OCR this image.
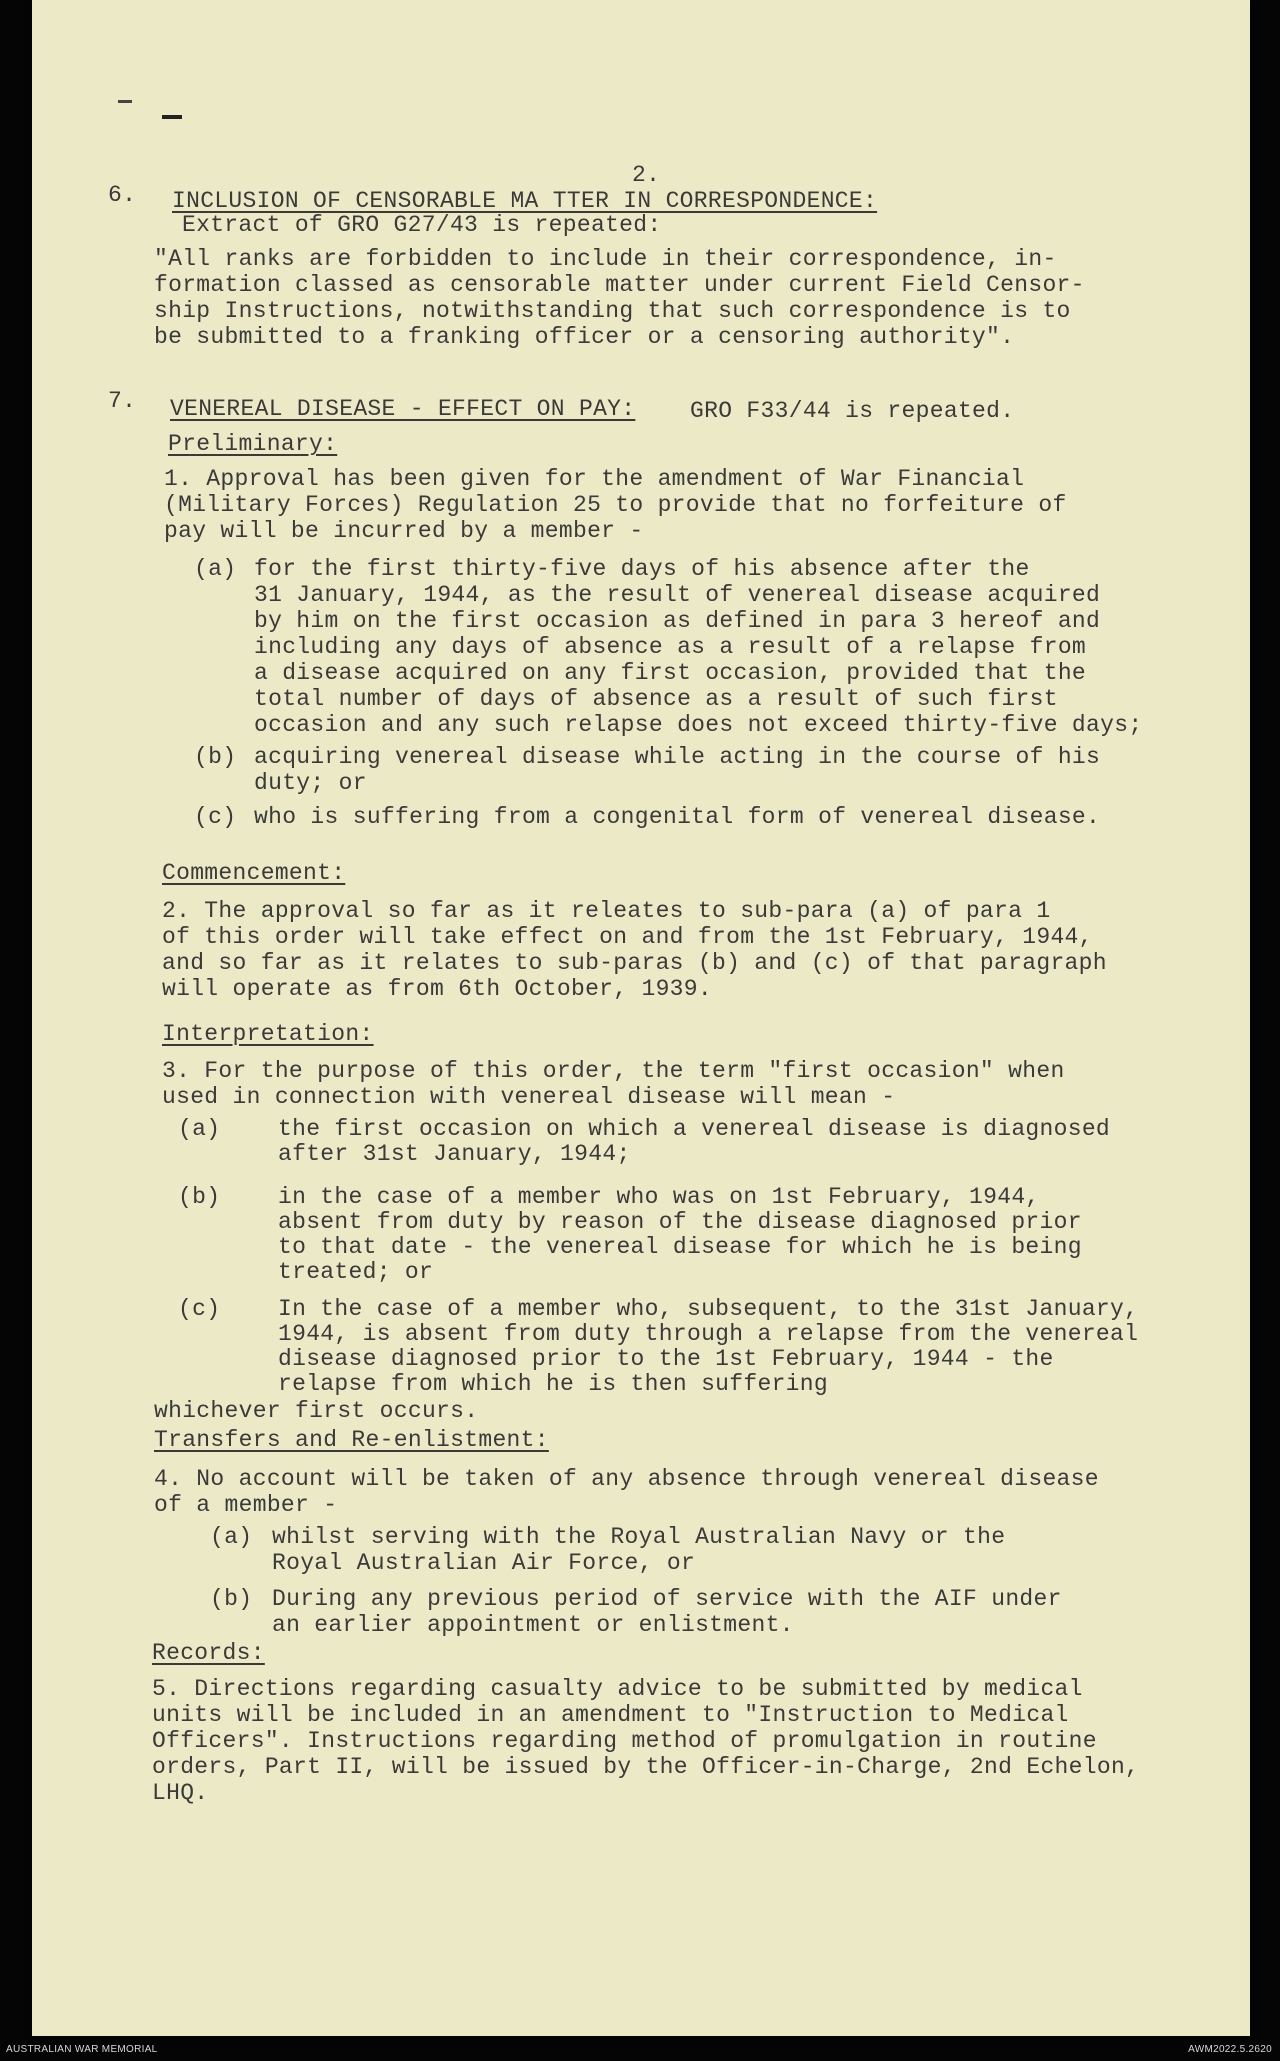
2.
6. INCLUSION OF CENSORABLE MA TTER IN CORRESPONDENCE:
Extract of GRO G27/43 is repeated:
"All ranks are forbidden to include in their correspondence, in-
formation classed as censorable matter under current Field Censor-
ship Instructions, notwithstanding that such correspondence is to
be submitted to a franking officer or a censoring authority".
7. VENEREAL DISEASE - EFFECT ON PAY: GRO F33/44 is repeated.
Preliminary:
1. Approval has been given for the amendment of War Financial
(Military Forces) Regulation 25 to provide that no forfeiture of
pay will be incurred by a member -
(a) for the first thirty-five days of his absence after the
31 January, 1944, as the result of venereal disease acquired
by him on the first occasion as defined in para 3 hereof and
including any days of absence as a result of a relapse from
a disease acquired on any first occasion, provided that the
total number of days of absence as a result of such first
occasion and any such relapse does not exceed thirty-five days;
(b) acquiring venereal disease while acting in the course of his
duty; or
(c) who is suffering from a congenital form of venereal disease.
Commencement:
2. The approval so far as it releates to sub-para (a) of para 1
of this order will take effect on and from the 1st February, 1944,
and so far as it relates to sub-paras (b) and (c) of that paragraph
will operate as from 6th October, 1939.
Interpretation:
3. For the purpose of this order, the term "first occasion" when
used in connection with venereal disease will mean -
(a)	the first occasion on which a venereal disease is diagnosed
after 31st January, 1944;
(b)	in the case of a member who was on 1st February, 1944,
absent from duty by reason of the disease diagnosed prior
to that date - the venereal disease for which he is being
treated; or
(c)	In the case of a member who, subsequent, to the 31st January,
1944, is absent from duty through a relapse from the venereal
disease diagnosed prior to the 1st February, 1944 - the
relapse from which he is then suffering
whichever first occurs.
Transfers and Re-enlistment:
4. No account will be taken of any absence through venereal disease
of a member -
(a) whilst serving with the Royal Australian Navy or the
Royal Australian Air Force, or
(b) During any previous period of service with the AIF under
an earlier appointment or enlistment.
Records:
5. Directions regarding casualty advice to be submitted by medical
units will be included in an amendment to "Instruction to Medical
Officers". Instructions regarding method of promulgation in routine
orders, Part II, will be issued by the Officer-in-Charge, 2nd Echelon,
LHQ.
AUSTRALIAN WAR MEMORIAL	AWM2022.5.2620
